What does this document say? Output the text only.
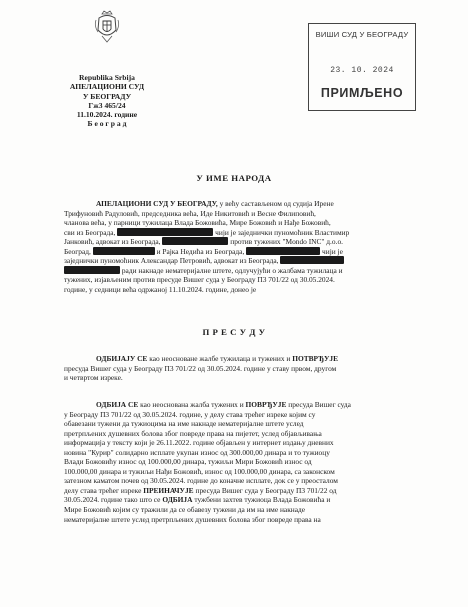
Republika Srbija
АПЕЛАЦИОНИ СУД
У БЕОГРАДУ
Гж3 465/24
11.10.2024. године
Б е о г р а д
ВИШИ СУД У БЕОГРАДУ
23. 10. 2024
ПРИМЉЕНО
У ИМЕ НАРОДА
АПЕЛАЦИОНИ СУД У БЕОГРАДУ, у већу састављеном од судија Ирене
Трифуновић Радуловић, председника већа, Иде Никитовић и Весне Филиповић,
чланова већа, у парници тужилаца Влада Божовића, Мире Божовић и Нађе Божовић,
сви из Београда,	чији је заједнички пуномоћник Властимир
Јанковић, адвокат из Београда,	против тужених "Mondo INC" д.о.о.
Београд,	и Рајка Недића из Београда,	чији је
заједнички пуномоћник Александар Петровић, адвокат из Београда,
ради накнаде нематеријалне штете, одлучујући о жалбама тужилаца и
тужених, изјављеним против пресуде Вишег суда у Београду П3 701/22 од 30.05.2024.
године, у седници већа одржаној 11.10.2024. године, донео је
П Р Е С У Д У
ОДБИЈАЈУ СЕ као неосноване жалбе тужилаца и тужених и ПОТВРЂУЈЕ
пресуда Вишег суда у Београду П3 701/22 од 30.05.2024. године у ставу првом, другом
и четвртом изреке.
ОДБИЈА СЕ као неоснована жалба тужених и ПОВРЂУЈЕ пресуда Вишег суда
у Београду П3 701/22 од 30.05.2024. године, у делу става трећег изреке којим су
обавезани тужени да тужиоцима на име накнаде нематеријалне штете услед
претрпљених душевних болова због повреде права на пијетет, услед објављивања
информација у тексту који је 26.11.2022. године објављен у интернет издању дневних
новина "Курир" солидарно исплате укупан износ од 300.000,00 динара и то тужиоцу
Влади Божовићу износ од 100.000,00 динара, тужиљи Мири Божовић износ од
100.000,00 динара и тужиљи Нађи Божовић, износ од 100.000,00 динара, са законском
затезном каматом почев од 30.05.2024. године до коначне исплате, док се у преосталом
делу става трећег изреке ПРЕИНАЧУЈЕ пресуда Вишег суда у Београду П3 701/22 од
30.05.2024. године тако што се ОДБИЈА тужбени захтев тужиоца Влада Божовића и
Мире Божовић којим су тражили да се обавезу тужени да им на име накнаде
нематеријалне штете услед претрпљених душевних болова због повреде права на
